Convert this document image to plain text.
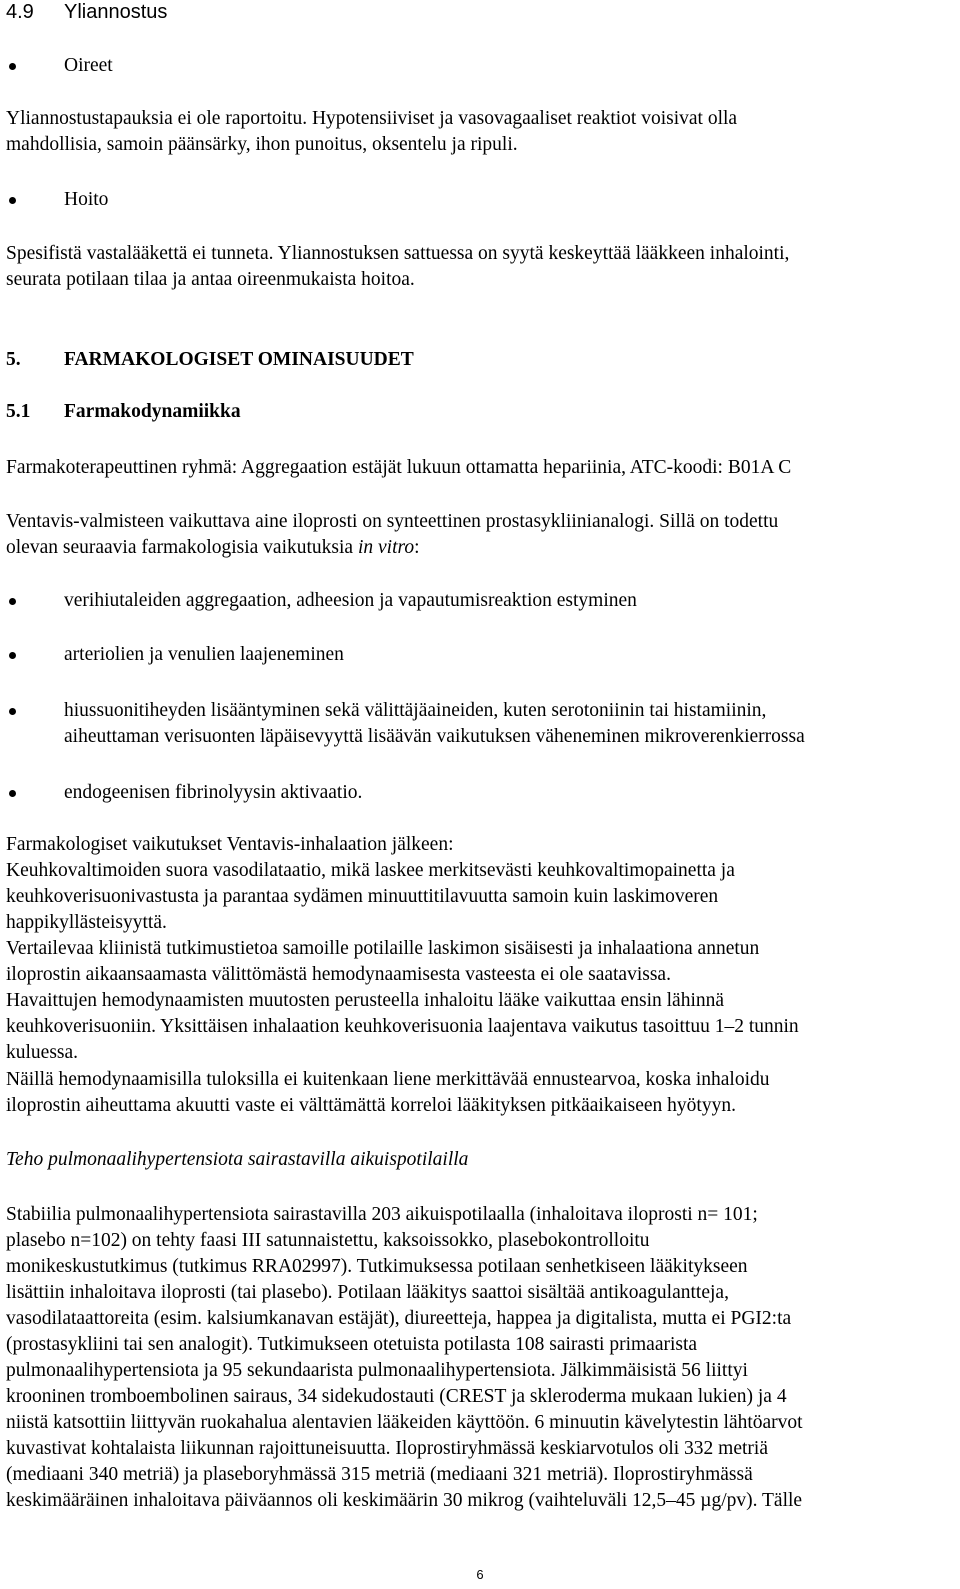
4.9 Yliannostus
Oireet
Yliannostustapauksia ei ole raportoitu. Hypotensiiviset ja vasovagaaliset reaktiot voisivat olla
mahdollisia, samoin päänsärky, ihon punoitus, oksentelu ja ripuli.
Hoito
Spesifistä vastalääkettä ei tunneta. Yliannostuksen sattuessa on syytä keskeyttää lääkkeen inhalointi,
seurata potilaan tilaa ja antaa oireenmukaista hoitoa.
5. FARMAKOLOGISET OMINAISUUDET
5.1 Farmakodynamiikka
Farmakoterapeuttinen ryhmä: Aggregaation estäjät lukuun ottamatta hepariinia, ATC-koodi: B01A C
Ventavis-valmisteen vaikuttava aine iloprosti on synteettinen prostasykliinianalogi. Sillä on todettu
olevan seuraavia farmakologisia vaikutuksia in vitro:
verihiutaleiden aggregaation, adheesion ja vapautumisreaktion estyminen
arteriolien ja venulien laajeneminen
hiussuonitiheyden lisääntyminen sekä välittäjäaineiden, kuten serotoniinin tai histamiinin,
aiheuttaman verisuonten läpäisevyyttä lisäävän vaikutuksen väheneminen mikroverenkierrossa
endogeenisen fibrinolyysin aktivaatio.
Farmakologiset vaikutukset Ventavis-inhalaation jälkeen:
Keuhkovaltimoiden suora vasodilataatio, mikä laskee merkitsevästi keuhkovaltimopainetta ja
keuhkoverisuonivastusta ja parantaa sydämen minuuttitilavuutta samoin kuin laskimoveren
happikyllästeisyyttä.
Vertailevaa kliinistä tutkimustietoa samoille potilaille laskimon sisäisesti ja inhalaationa annetun
iloprostin aikaansaamasta välittömästä hemodynaamisesta vasteesta ei ole saatavissa.
Havaittujen hemodynaamisten muutosten perusteella inhaloitu lääke vaikuttaa ensin lähinnä
keuhkoverisuoniin. Yksittäisen inhalaation keuhkoverisuonia laajentava vaikutus tasoittuu 1–2 tunnin
kuluessa.
Näillä hemodynaamisilla tuloksilla ei kuitenkaan liene merkittävää ennustearvoa, koska inhaloidu
iloprostin aiheuttama akuutti vaste ei välttämättä korreloi lääkityksen pitkäaikaiseen hyötyyn.
Teho pulmonaalihypertensiota sairastavilla aikuispotilailla
Stabiilia pulmonaalihypertensiota sairastavilla 203 aikuispotilaalla (inhaloitava iloprosti n= 101;
plasebo n=102) on tehty faasi III satunnaistettu, kaksoissokko, plasebokontrolloitu
monikeskustutkimus (tutkimus RRA02997). Tutkimuksessa potilaan senhetkiseen lääkitykseen
lisättiin inhaloitava iloprosti (tai plasebo). Potilaan lääkitys saattoi sisältää antikoagulantteja,
vasodilataattoreita (esim. kalsiumkanavan estäjät), diureetteja, happea ja digitalista, mutta ei PGI2:ta
(prostasykliini tai sen analogit). Tutkimukseen otetuista potilasta 108 sairasti primaarista
pulmonaalihypertensiota ja 95 sekundaarista pulmonaalihypertensiota. Jälkimmäisistä 56 liittyi
krooninen tromboembolinen sairaus, 34 sidekudostauti (CREST ja skleroderma mukaan lukien) ja 4
niistä katsottiin liittyvän ruokahalua alentavien lääkeiden käyttöön. 6 minuutin kävelytestin lähtöarvot
kuvastivat kohtalaista liikunnan rajoittuneisuutta. Iloprostiryhmässä keskiarvotulos oli 332 metriä
(mediaani 340 metriä) ja plaseboryhmässä 315 metriä (mediaani 321 metriä). Iloprostiryhmässä
keskimääräinen inhaloitava päiväannos oli keskimäärin 30 mikrog (vaihteluväli 12,5–45 µg/pv). Tälle
6
